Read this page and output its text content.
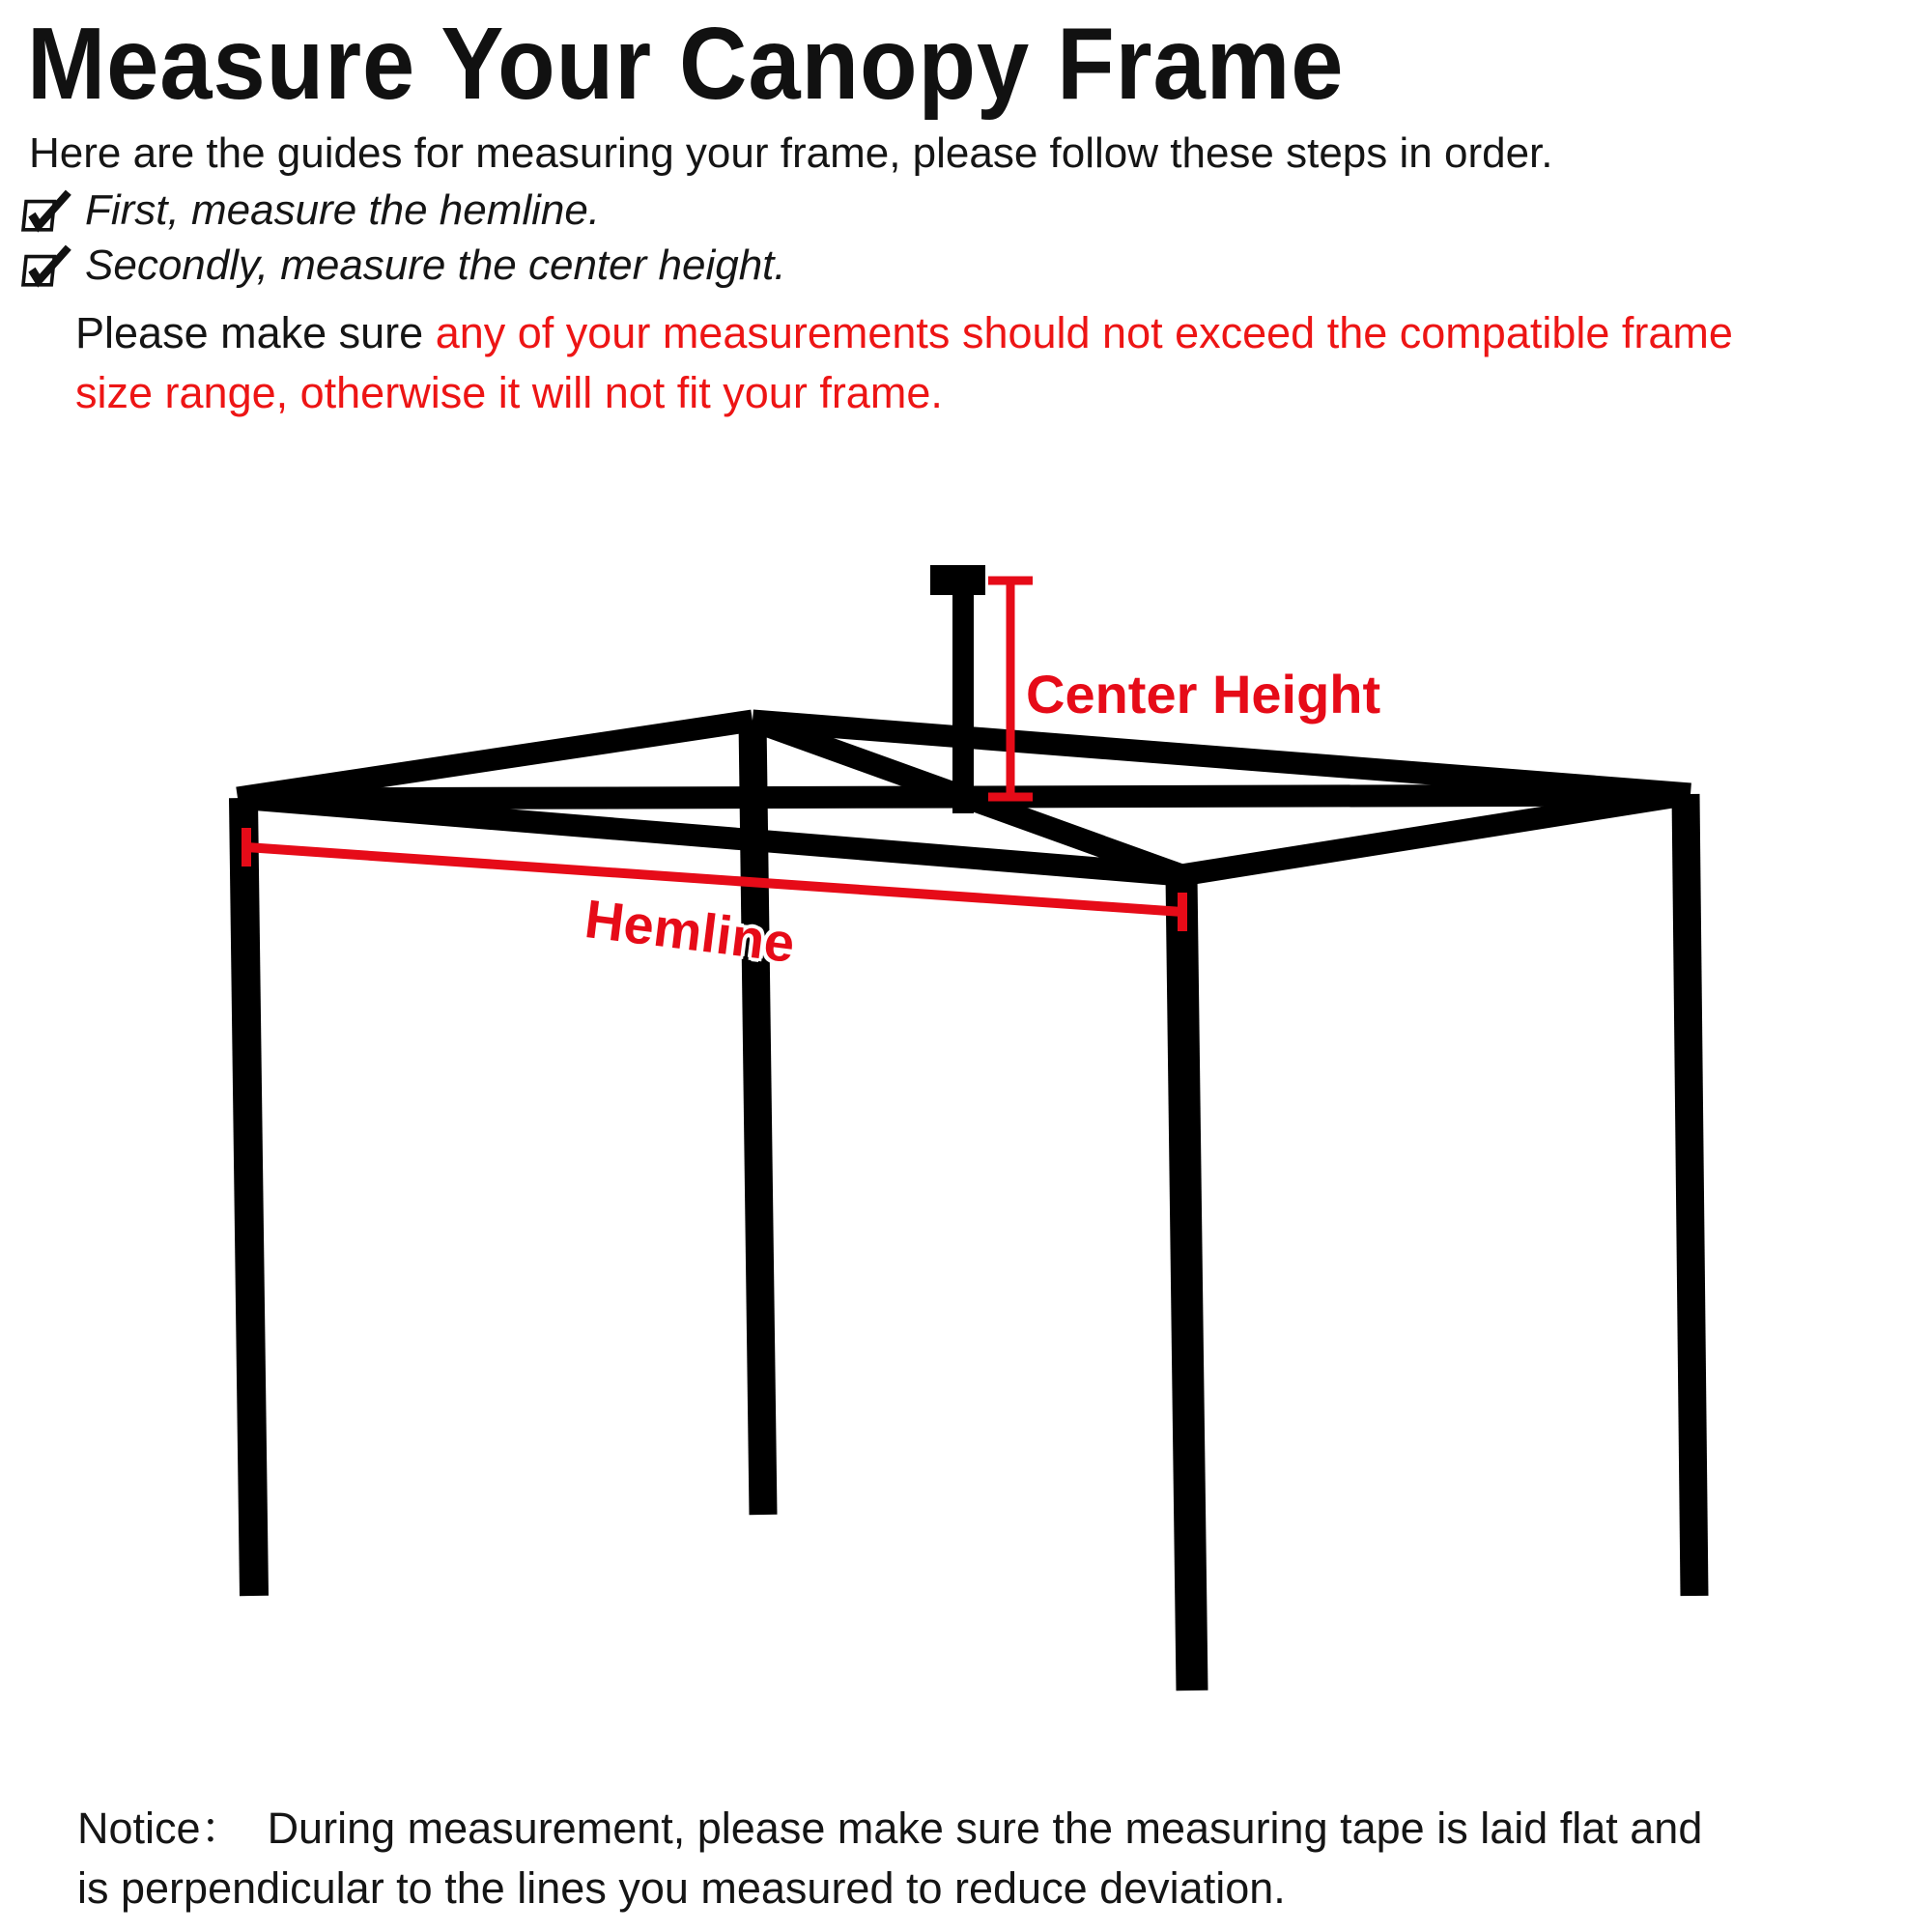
Measure Your Canopy Frame
Here are the guides for measuring your frame, please follow these steps in order.
First, measure the hemline.
Secondly, measure the center height.
Please make sure any of your measurements should not exceed the compatible frame
size range, otherwise it will not fit your frame.
Center Height
Hemline
Notice： During measurement, please make sure the measuring tape is laid flat and
is perpendicular to the lines you measured to reduce deviation.
